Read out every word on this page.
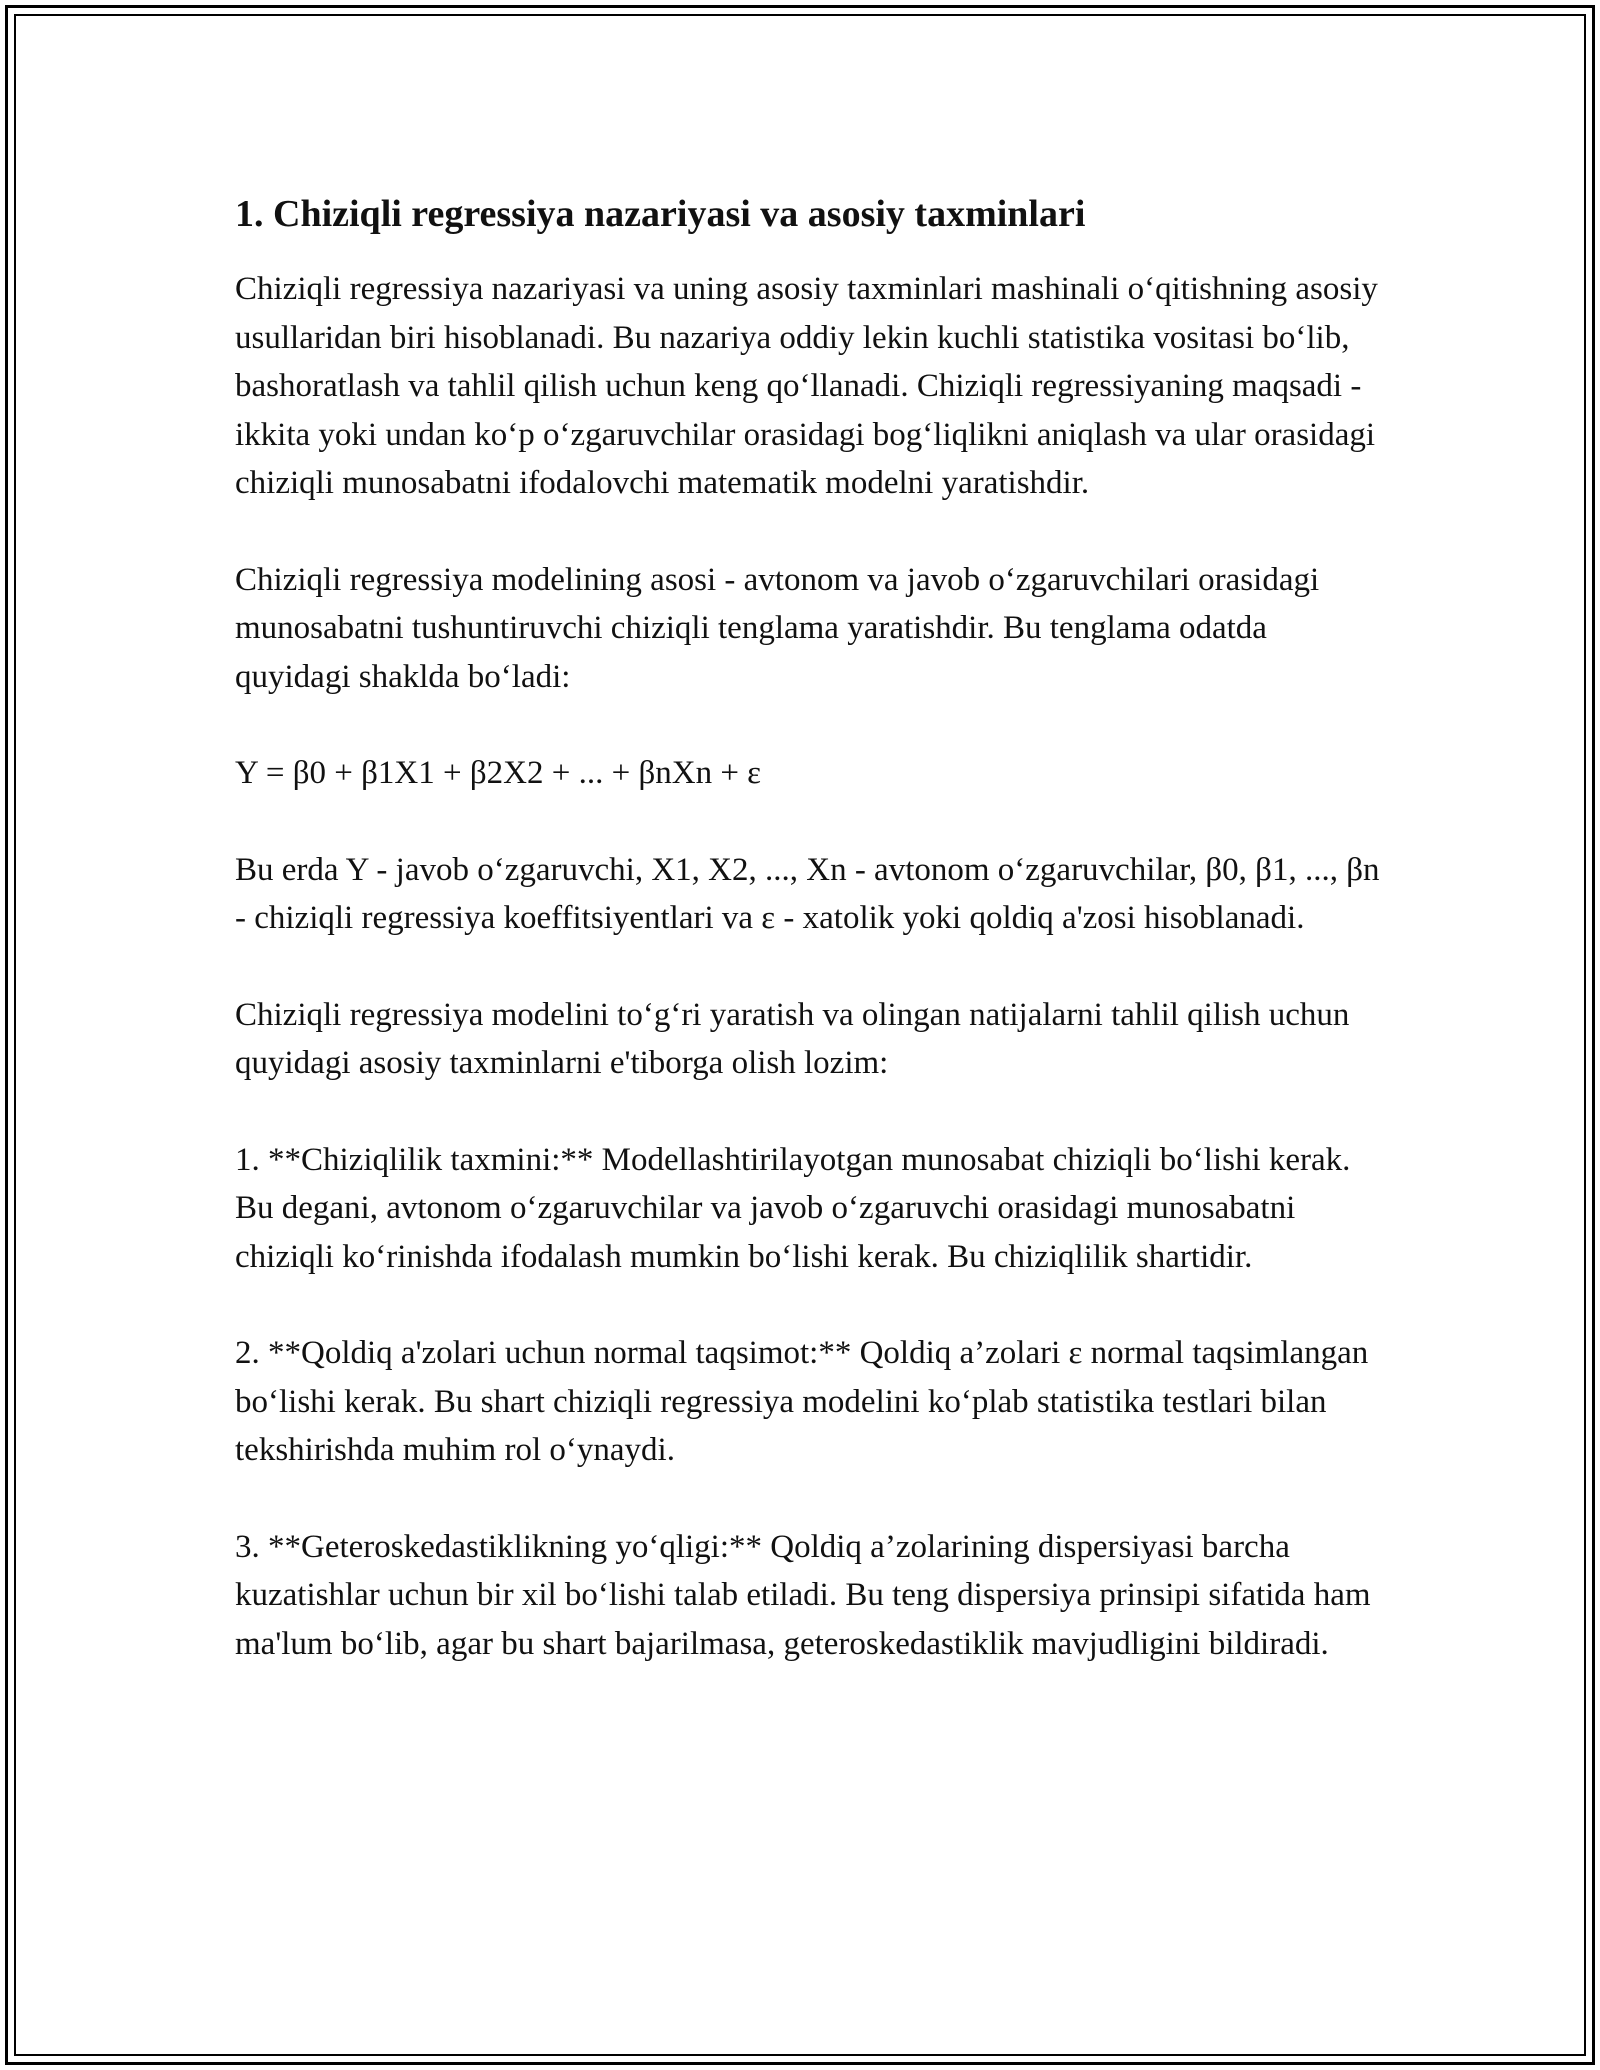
1. Chiziqli regressiya nazariyasi va asosiy taxminlari

Chiziqli regressiya nazariyasi va uning asosiy taxminlari mashinali o‘qitishning asosiy usullaridan biri hisoblanadi. Bu nazariya oddiy lekin kuchli statistika vositasi bo‘lib, bashoratlash va tahlil qilish uchun keng qo‘llanadi. Chiziqli regressiyaning maqsadi - ikkita yoki undan ko‘p o‘zgaruvchilar orasidagi bog‘liqlikni aniqlash va ular orasidagi chiziqli munosabatni ifodalovchi matematik modelni yaratishdir.

Chiziqli regressiya modelining asosi - avtonom va javob o‘zgaruvchilari orasidagi munosabatni tushuntiruvchi chiziqli tenglama yaratishdir. Bu tenglama odatda quyidagi shaklda bo‘ladi:

Y = β0 + β1X1 + β2X2 + ... + βnXn + ε

Bu erda Y - javob o‘zgaruvchi, X1, X2, ..., Xn - avtonom o‘zgaruvchilar, β0, β1, ..., βn - chiziqli regressiya koeffitsiyentlari va ε - xatolik yoki qoldiq a'zosi hisoblanadi.

Chiziqli regressiya modelini to‘g‘ri yaratish va olingan natijalarni tahlil qilish uchun quyidagi asosiy taxminlarni e'tiborga olish lozim:

1. **Chiziqlilik taxmini:** Modellashtirilayotgan munosabat chiziqli bo‘lishi kerak. Bu degani, avtonom o‘zgaruvchilar va javob o‘zgaruvchi orasidagi munosabatni chiziqli ko‘rinishda ifodalash mumkin bo‘lishi kerak. Bu chiziqlilik shartidir.

2. **Qoldiq a'zolari uchun normal taqsimot:** Qoldiq a’zolari ε normal taqsimlangan bo‘lishi kerak. Bu shart chiziqli regressiya modelini ko‘plab statistika testlari bilan tekshirishda muhim rol o‘ynaydi.

3. **Geteroskedastiklikning yo‘qligi:** Qoldiq a’zolarining dispersiyasi barcha kuzatishlar uchun bir xil bo‘lishi talab etiladi. Bu teng dispersiya prinsipi sifatida ham ma'lum bo‘lib, agar bu shart bajarilmasa, geteroskedastiklik mavjudligini bildiradi.
